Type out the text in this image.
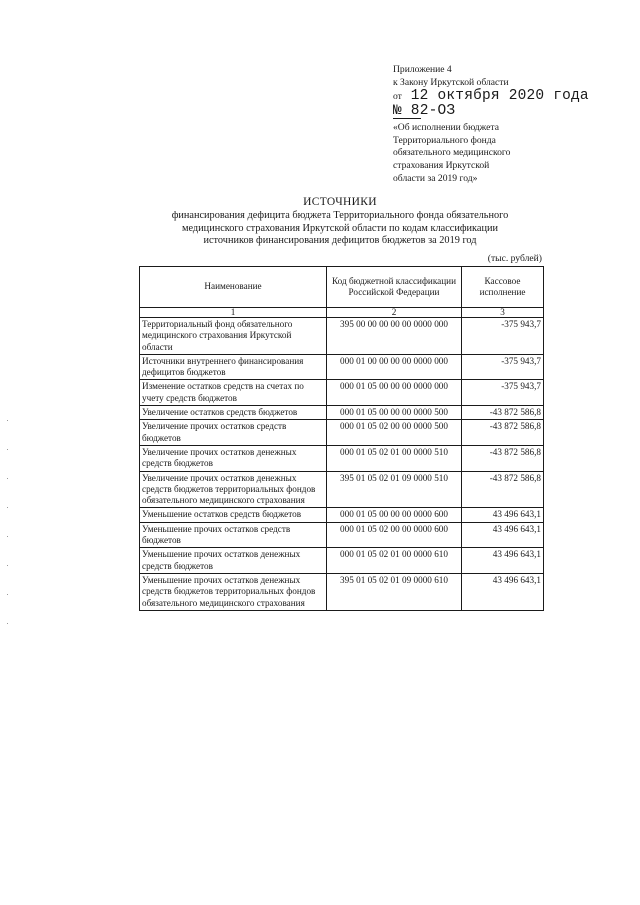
Приложение 4
к Закону Иркутской области
от 12 октября 2020 года
№ 82-ОЗ
«Об исполнении бюджета
Территориального фонда
обязательного медицинского
страхования Иркутской
области за 2019 год»
ИСТОЧНИКИ
финансирования дефицита бюджета Территориального фонда обязательного
медицинского страхования Иркутской области по кодам классификации
источников финансирования дефицитов бюджетов за 2019 год
(тыс. рублей)
Наименование	Код бюджетной классификации Российской Федерации	Кассовое исполнение
1	2	3
Территориальный фонд обязательного медицинского страхования Иркутской области	395 00 00 00 00 00 0000 000	-375 943,7
Источники внутреннего финансирования дефицитов бюджетов	000 01 00 00 00 00 0000 000	-375 943,7
Изменение остатков средств на счетах по учету средств бюджетов	000 01 05 00 00 00 0000 000	-375 943,7
Увеличение остатков средств бюджетов	000 01 05 00 00 00 0000 500	-43 872 586,8
Увеличение прочих остатков средств бюджетов	000 01 05 02 00 00 0000 500	-43 872 586,8
Увеличение прочих остатков денежных средств бюджетов	000 01 05 02 01 00 0000 510	-43 872 586,8
Увеличение прочих остатков денежных средств бюджетов территориальных фондов обязательного медицинского страхования	395 01 05 02 01 09 0000 510	-43 872 586,8
Уменьшение остатков средств бюджетов	000 01 05 00 00 00 0000 600	43 496 643,1
Уменьшение прочих остатков средств бюджетов	000 01 05 02 00 00 0000 600	43 496 643,1
Уменьшение прочих остатков денежных средств бюджетов	000 01 05 02 01 00 0000 610	43 496 643,1
Уменьшение прочих остатков денежных средств бюджетов территориальных фондов обязательного медицинского страхования	395 01 05 02 01 09 0000 610	43 496 643,1
